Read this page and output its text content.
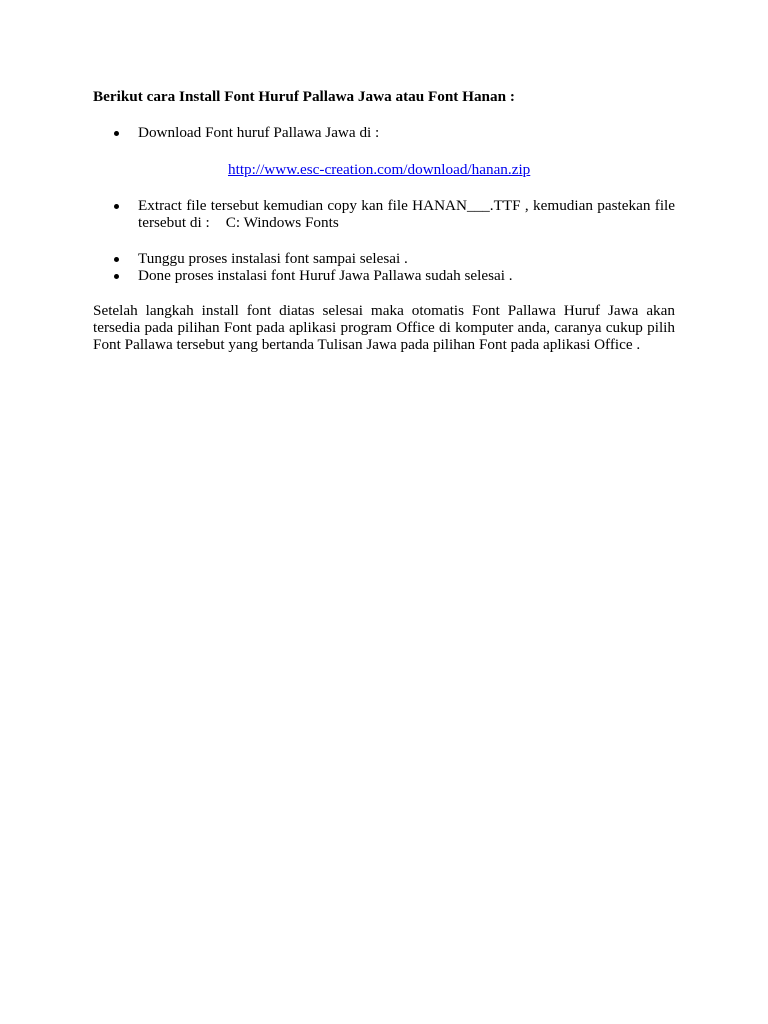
Berikut cara Install Font Huruf Pallawa Jawa atau Font Hanan :

Download Font huruf Pallawa Jawa di :
http://www.esc-creation.com/download/hanan.zip
Extract file tersebut kemudian copy kan file HANAN___.TTF , kemudian pastekan file tersebut di : C: Windows Fonts
Tunggu proses instalasi font sampai selesai .
Done proses instalasi font Huruf Jawa Pallawa sudah selesai .

Setelah langkah install font diatas selesai maka otomatis Font Pallawa Huruf Jawa akan tersedia pada pilihan Font pada aplikasi program Office di komputer anda, caranya cukup pilih Font Pallawa tersebut yang bertanda Tulisan Jawa pada pilihan Font pada aplikasi Office .
